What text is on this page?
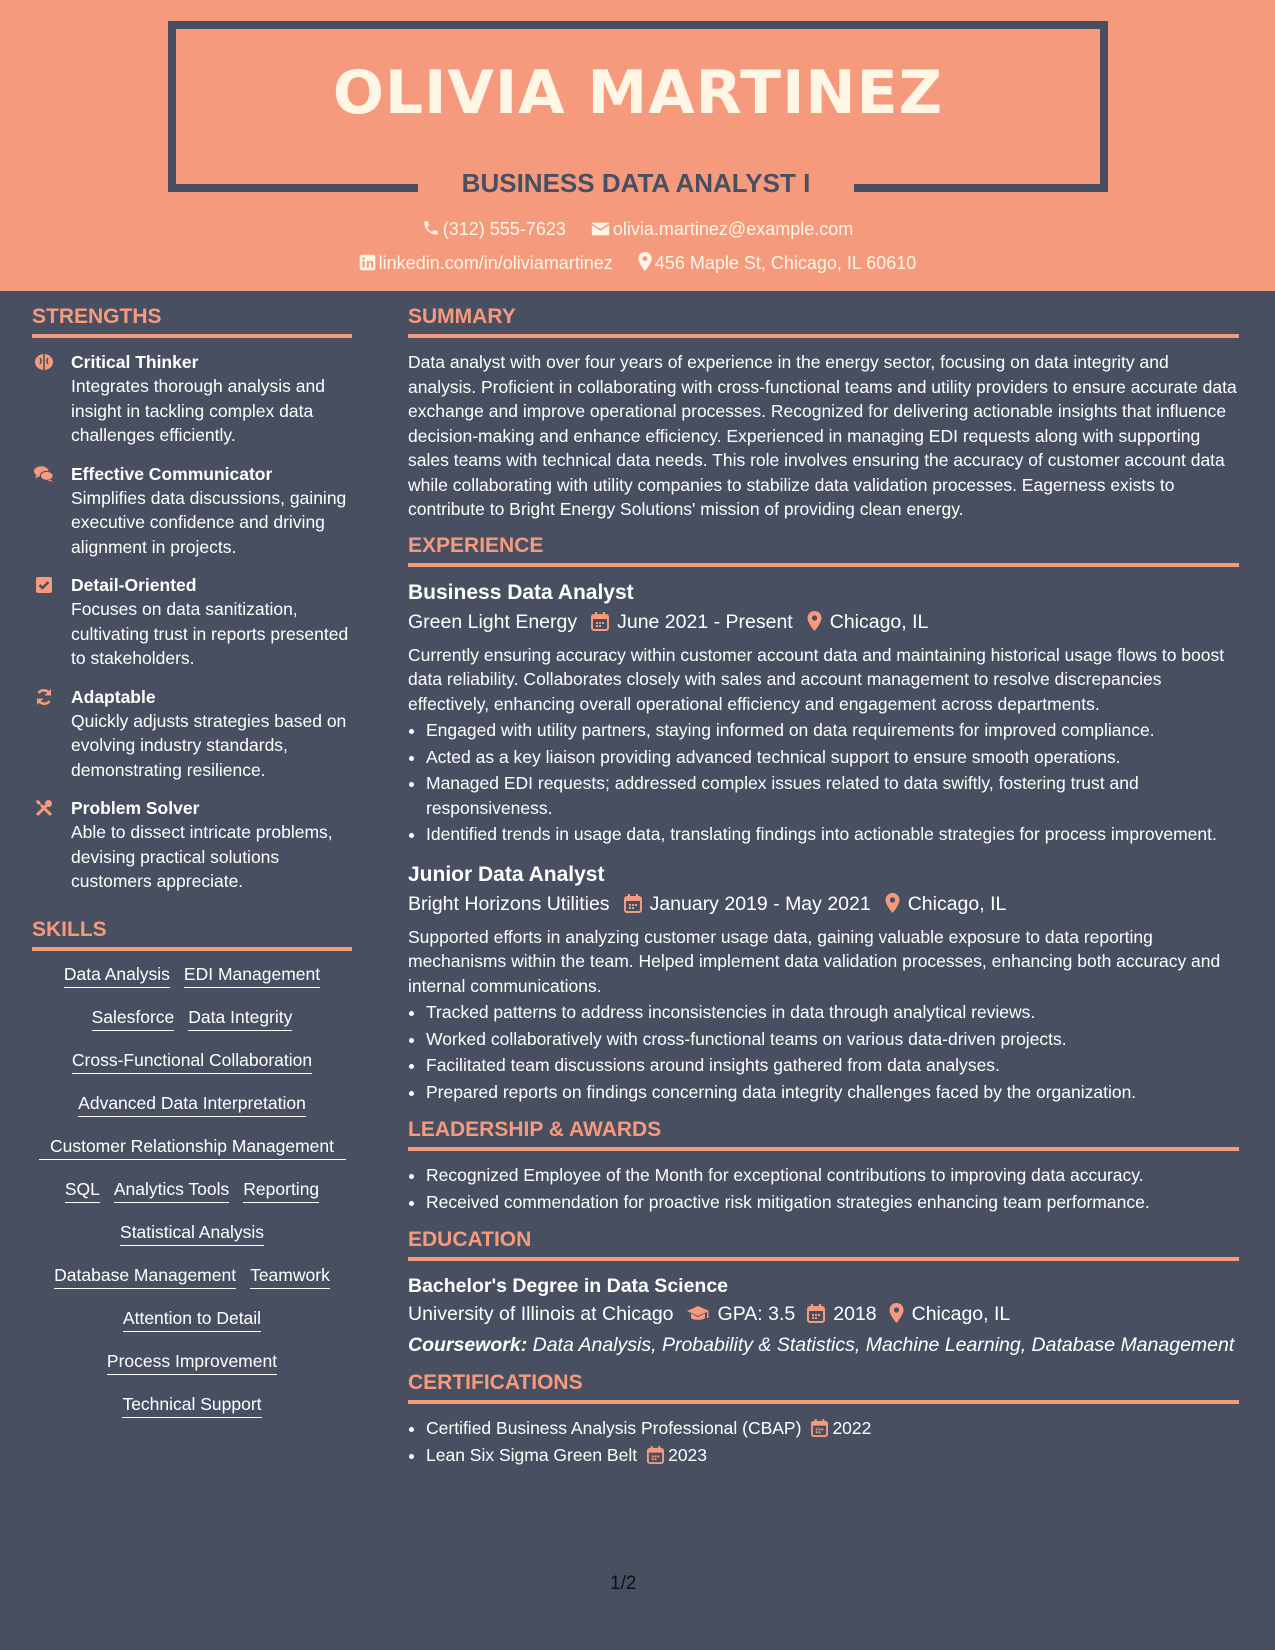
OLIVIA MARTINEZ
BUSINESS DATA ANALYST I
(312) 555-7623	olivia.martinez@example.com
linkedin.com/in/oliviamartinez 456 Maple St, Chicago, IL 60610
STRENGTHS
Critical Thinker
Integrates thorough analysis and insight in tackling complex data challenges efficiently.
Effective Communicator
Simplifies data discussions, gaining executive confidence and driving alignment in projects.
Detail-Oriented
Focuses on data sanitization, cultivating trust in reports presented to stakeholders.
Adaptable
Quickly adjusts strategies based on evolving industry standards, demonstrating resilience.
Problem Solver
Able to dissect intricate problems, devising practical solutions customers appreciate.
SKILLS
Data Analysis EDI Management
Salesforce Data Integrity
Cross-Functional Collaboration
Advanced Data Interpretation
Customer Relationship Management
SQL Analytics Tools Reporting
Statistical Analysis
Database Management Teamwork
Attention to Detail
Process Improvement
Technical Support
SUMMARY
Data analyst with over four years of experience in the energy sector, focusing on data integrity and analysis. Proficient in collaborating with cross-functional teams and utility providers to ensure accurate data exchange and improve operational processes. Recognized for delivering actionable insights that influence decision-making and enhance efficiency. Experienced in managing EDI requests along with supporting sales teams with technical data needs. This role involves ensuring the accuracy of customer account data while collaborating with utility companies to stabilize data validation processes. Eagerness exists to contribute to Bright Energy Solutions' mission of providing clean energy.
EXPERIENCE
Business Data Analyst
Green Light Energy June 2021 - Present Chicago, IL
Currently ensuring accuracy within customer account data and maintaining historical usage flows to boost data reliability. Collaborates closely with sales and account management to resolve discrepancies effectively, enhancing overall operational efficiency and engagement across departments.
• Engaged with utility partners, staying informed on data requirements for improved compliance.
• Acted as a key liaison providing advanced technical support to ensure smooth operations.
• Managed EDI requests; addressed complex issues related to data swiftly, fostering trust and responsiveness.
• Identified trends in usage data, translating findings into actionable strategies for process improvement.
Junior Data Analyst
Bright Horizons Utilities January 2019 - May 2021 Chicago, IL
Supported efforts in analyzing customer usage data, gaining valuable exposure to data reporting mechanisms within the team. Helped implement data validation processes, enhancing both accuracy and internal communications.
• Tracked patterns to address inconsistencies in data through analytical reviews.
• Worked collaboratively with cross-functional teams on various data-driven projects.
• Facilitated team discussions around insights gathered from data analyses.
• Prepared reports on findings concerning data integrity challenges faced by the organization.
LEADERSHIP & AWARDS
• Recognized Employee of the Month for exceptional contributions to improving data accuracy.
• Received commendation for proactive risk mitigation strategies enhancing team performance.
EDUCATION
Bachelor's Degree in Data Science
University of Illinois at Chicago GPA: 3.5 2018 Chicago, IL
Coursework: Data Analysis, Probability & Statistics, Machine Learning, Database Management
CERTIFICATIONS
• Certified Business Analysis Professional (CBAP) 2022
• Lean Six Sigma Green Belt 2023
1/2
